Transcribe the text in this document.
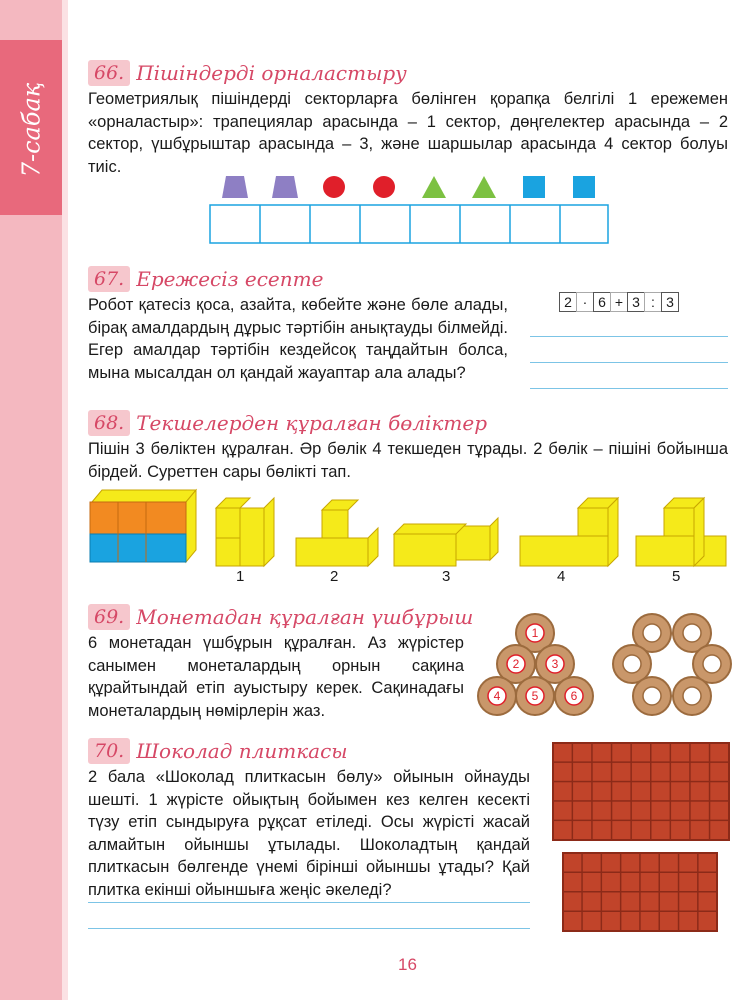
7-сабақ
66. Пішіндерді орналастыру

Геометриялық пішіндерді секторларға бөлінген қорапқа белгілі 1 ережемен «орналастыр»: трапециялар арасында – 1 сектор, дөңгелектер арасында – 2 сектор, үшбұрыштар арасында – 3, және шаршылар арасында 4 сектор болуы тиіс.

67. Ережесіз есепте

Робот қатесіз қоса, азайта, көбейте және бөле алады, бірақ амалдардың дұрыс тәртібін анықтауды білмейді. Егер амалдар тәртібін кездейсоқ таңдайтын болса, мына мысалдан ол қандай жауаптар ала алады?

2 · 6 + 3 : 3
68. Текшелерден құралған бөліктер

Пішін 3 бөліктен құралған. Әр бөлік 4 текшеден тұрады. 2 бөлік – пішіні бойынша бірдей. Суреттен сары бөлікті тап.

1	2	3	4	5
69. Монетадан құралған үшбұрыш

6 монетадан үшбұрын құралған. Аз жүрістер санымен монеталардың орнын сақина құрайтындай етіп ауыстыру керек. Сақинадағы монеталардың нөмірлерін жаз.

1
2	3
4	5	6
70. Шоколад плиткасы

2 бала «Шоколад плиткасын бөлу» ойынын ойнауды шешті. 1 жүрісте ойықтың бойымен кез келген кесекті түзу етіп сындыруға рұқсат етіледі. Осы жүрісті жасай алмайтын ойыншы ұтылады. Шоколадтың қандай плиткасын бөлгенде үнемі бірінші ойыншы ұтады? Қай плитка екінші ойыншыға жеңіс әкеледі?

16
